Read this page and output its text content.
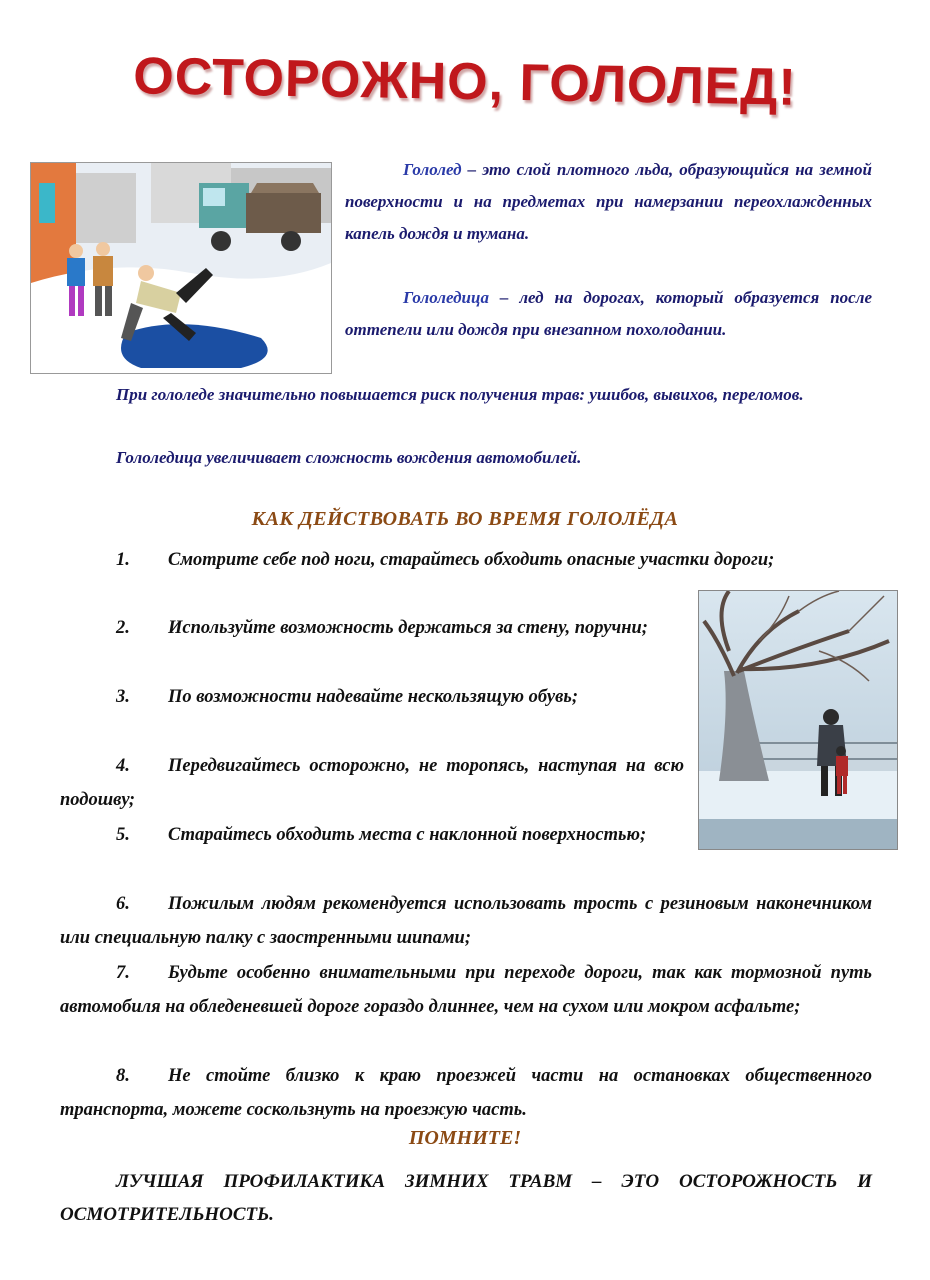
ОСТОРОЖНО, ГОЛОЛЕД!

Гололед – это слой плотного льда, образующийся на земной поверхности и на предметах при намерзании переохлажденных капель дождя и тумана.

Гололедица – лед на дорогах, который образуется после оттепели или дождя при внезапном похолодании.

При гололеде значительно повышается риск получения трав: ушибов, вывихов, переломов.

Гололедица увеличивает сложность вождения автомобилей.

КАК ДЕЙСТВОВАТЬ ВО ВРЕМЯ ГОЛОЛЁДА

1. Смотрите себе под ноги, старайтесь обходить опасные участки дороги;

2. Используйте возможность держаться за стену, поручни;

3. По возможности надевайте нескользящую обувь;

4. Передвигайтесь осторожно, не торопясь, наступая на всю подошву;

5. Старайтесь обходить места с наклонной поверхностью;

6. Пожилым людям рекомендуется использовать трость с резиновым наконечником или специальную палку с заостренными шипами;

7. Будьте особенно внимательными при переходе дороги, так как тормозной путь автомобиля на обледеневшей дороге гораздо длиннее, чем на сухом или мокром асфальте;

8. Не стойте близко к краю проезжей части на остановках общественного транспорта, можете соскользнуть на проезжую часть.

ПОМНИТЕ!

ЛУЧШАЯ ПРОФИЛАКТИКА ЗИМНИХ ТРАВМ – ЭТО ОСТОРОЖНОСТЬ И ОСМОТРИТЕЛЬНОСТЬ.
